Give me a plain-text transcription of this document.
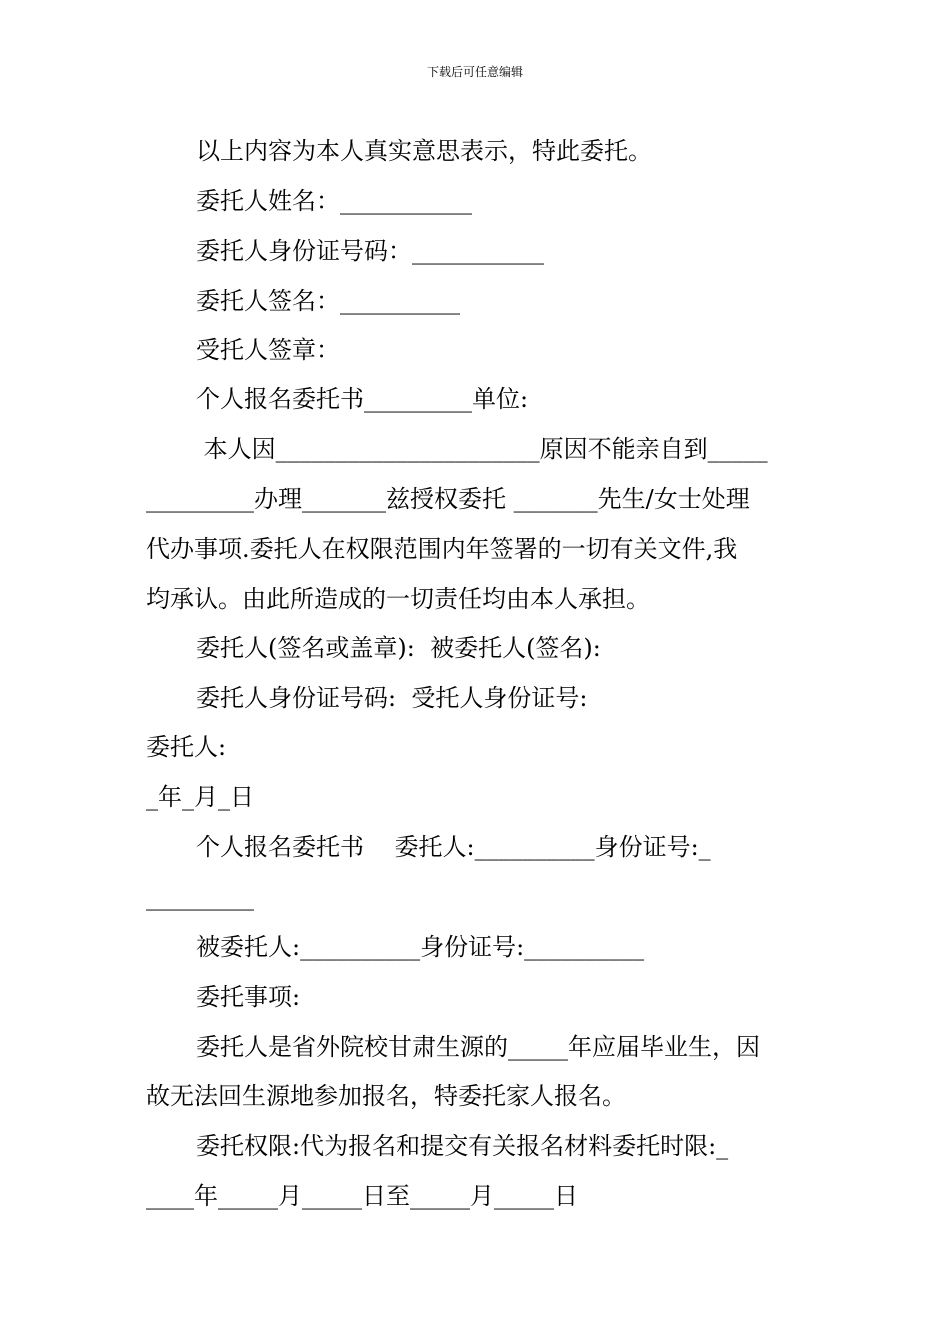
下载后可任意编辑
以上内容为本人真实意思表示，特此委托。
委托人姓名：___________
委托人身份证号码：___________
委托人签名：__________
受托人签章：
个人报名委托书_________单位:
本人因______________________原因不能亲自到_____
_________办理_______兹授权委托 _______先生/女士处理
代办事项.委托人在权限范围内年签署的一切有关文件,我
均承认。由此所造成的一切责任均由本人承担。
委托人(签名或盖章):  被委托人(签名):
委托人身份证号码:  受托人身份证号:
委托人:
_年_月_日
个人报名委托书    委托人:__________身份证号:_
_________
被委托人:__________身份证号:__________
委托事项:
委托人是省外院校甘肃生源的_____年应届毕业生，因
故无法回生源地参加报名，特委托家人报名。
委托权限:代为报名和提交有关报名材料委托时限:_
____年_____月_____日至_____月_____日
